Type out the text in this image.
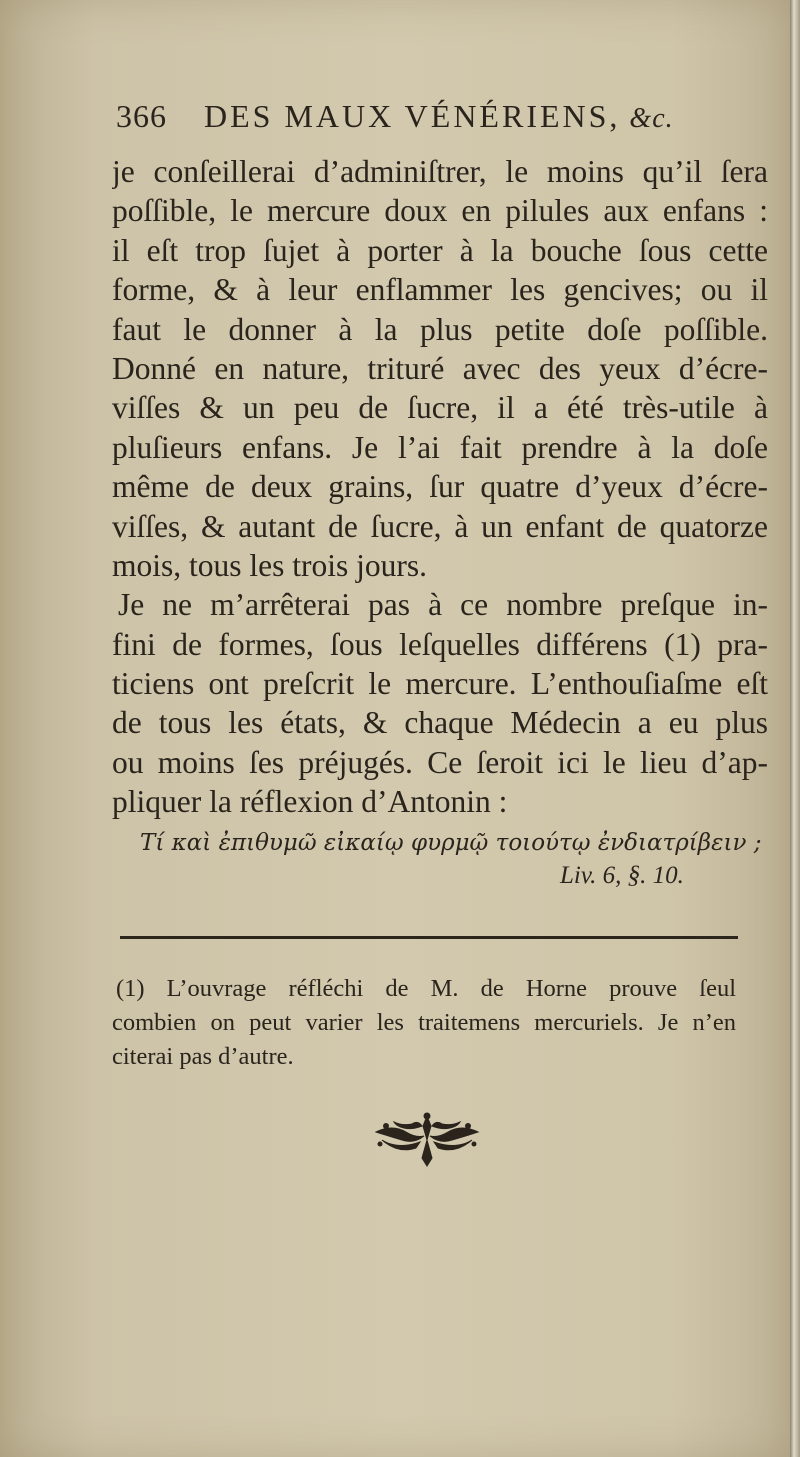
366 DES MAUX VÉNÉRIENS, &c.
je conſeillerai d’adminiſtrer, le moins qu’il ſera
poſſible, le mercure doux en pilules aux enfans :
il eſt trop ſujet à porter à la bouche ſous cette
forme, & à leur enflammer les gencives; ou il
faut le donner à la plus petite doſe poſſible.
Donné en nature, trituré avec des yeux d’écre-
viſſes & un peu de ſucre, il a été très-utile à
pluſieurs enfans. Je l’ai fait prendre à la doſe
même de deux grains, ſur quatre d’yeux d’écre-
viſſes, & autant de ſucre, à un enfant de quatorze
mois, tous les trois jours.
Je ne m’arrêterai pas à ce nombre preſque in-
fini de formes, ſous leſquelles différens (1) pra-
ticiens ont preſcrit le mercure. L’enthouſiaſme eſt
de tous les états, & chaque Médecin a eu plus
ou moins ſes préjugés. Ce ſeroit ici le lieu d’ap-
pliquer la réflexion d’Antonin :
Τί καὶ ἐπιθυμῶ εἰκαίῳ φυρμῷ τοιούτῳ ἐνδιατρίβειν ;
Liv. 6, §. 10.
(1) L’ouvrage réfléchi de M. de Horne prouve ſeul
combien on peut varier les traitemens mercuriels. Je n’en
citerai pas d’autre.
